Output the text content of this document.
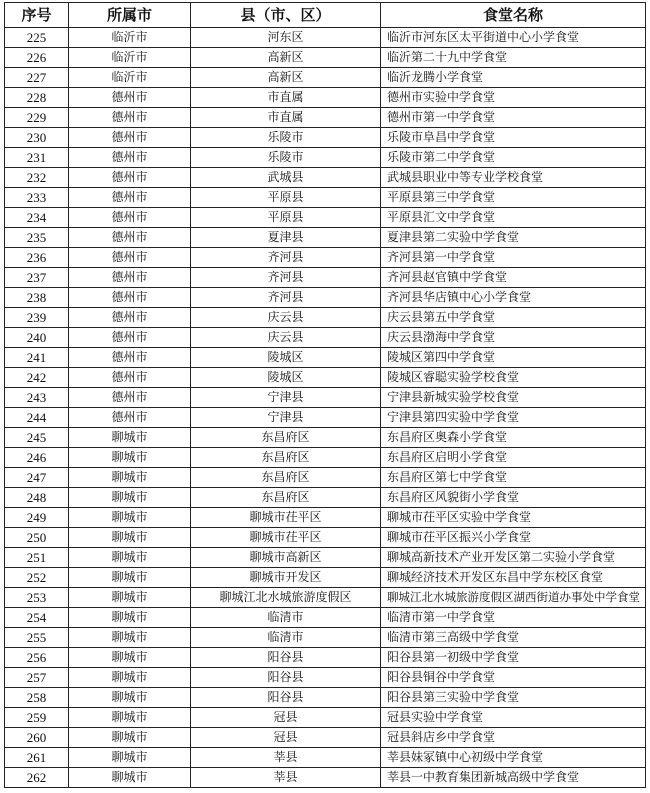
序号	所属市	县（市、区）	食堂名称
225	临沂市	河东区	临沂市河东区太平街道中心小学食堂
226	临沂市	高新区	临沂第二十九中学食堂
227	临沂市	高新区	临沂龙腾小学食堂
228	德州市	市直属	德州市实验中学食堂
229	德州市	市直属	德州市第一中学食堂
230	德州市	乐陵市	乐陵市阜昌中学食堂
231	德州市	乐陵市	乐陵市第二中学食堂
232	德州市	武城县	武城县职业中等专业学校食堂
233	德州市	平原县	平原县第三中学食堂
234	德州市	平原县	平原县汇文中学食堂
235	德州市	夏津县	夏津县第二实验中学食堂
236	德州市	齐河县	齐河县第一中学食堂
237	德州市	齐河县	齐河县赵官镇中学食堂
238	德州市	齐河县	齐河县华店镇中心小学食堂
239	德州市	庆云县	庆云县第五中学食堂
240	德州市	庆云县	庆云县渤海中学食堂
241	德州市	陵城区	陵城区第四中学食堂
242	德州市	陵城区	陵城区睿聪实验学校食堂
243	德州市	宁津县	宁津县新城实验学校食堂
244	德州市	宁津县	宁津县第四实验中学食堂
245	聊城市	东昌府区	东昌府区奥森小学食堂
246	聊城市	东昌府区	东昌府区启明小学食堂
247	聊城市	东昌府区	东昌府区第七中学食堂
248	聊城市	东昌府区	东昌府区风貌街小学食堂
249	聊城市	聊城市茌平区	聊城市茌平区实验中学食堂
250	聊城市	聊城市茌平区	聊城市茌平区振兴小学食堂
251	聊城市	聊城市高新区	聊城高新技术产业开发区第二实验小学食堂
252	聊城市	聊城市开发区	聊城经济技术开发区东昌中学东校区食堂
253	聊城市	聊城江北水城旅游度假区	聊城江北水城旅游度假区湖西街道办事处中学食堂
254	聊城市	临清市	临清市第一中学食堂
255	聊城市	临清市	临清市第三高级中学食堂
256	聊城市	阳谷县	阳谷县第一初级中学食堂
257	聊城市	阳谷县	阳谷县铜谷中学食堂
258	聊城市	阳谷县	阳谷县第三实验中学食堂
259	聊城市	冠县	冠县实验中学食堂
260	聊城市	冠县	冠县斜店乡中学食堂
261	聊城市	莘县	莘县妹冢镇中心初级中学食堂
262	聊城市	莘县	莘县一中教育集团新城高级中学食堂
